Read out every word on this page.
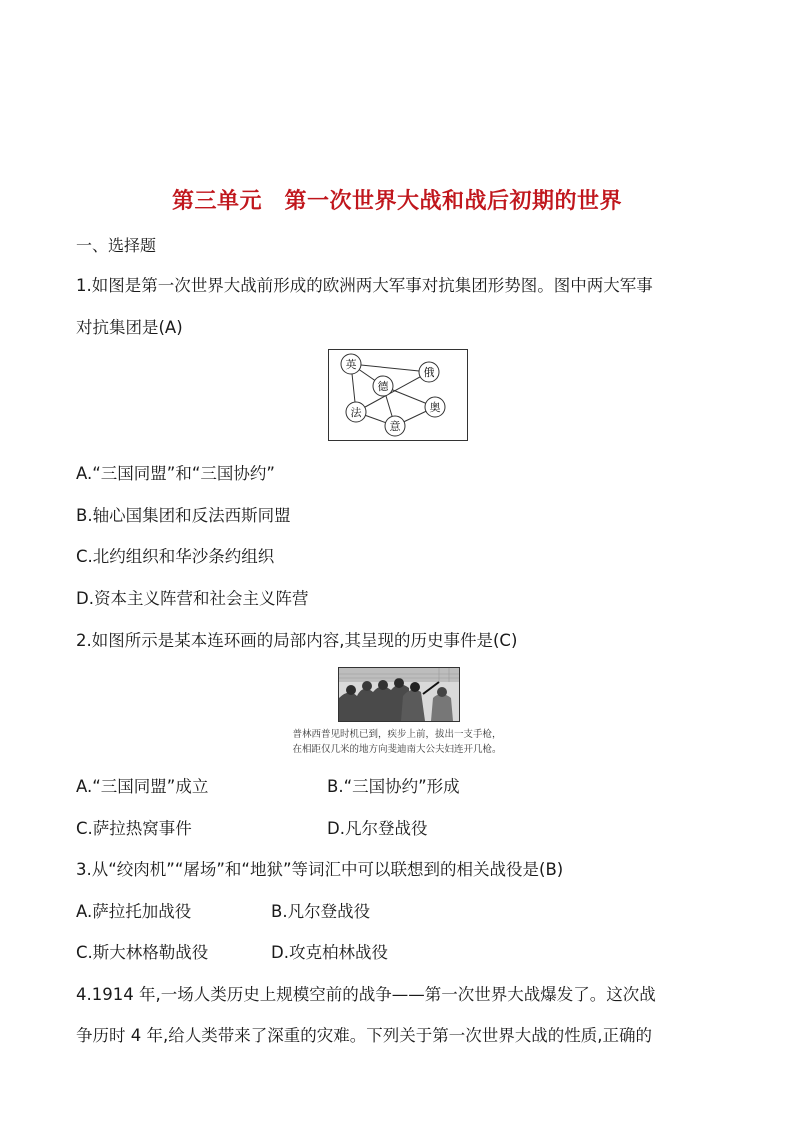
第三单元　第一次世界大战和战后初期的世界
一、选择题
1.如图是第一次世界大战前形成的欧洲两大军事对抗集团形势图。图中两大军事
对抗集团是(A)
英
俄
德
奥
法
意
A.“三国同盟”和“三国协约”
B.轴心国集团和反法西斯同盟
C.北约组织和华沙条约组织
D.资本主义阵营和社会主义阵营
2.如图所示是某本连环画的局部内容,其呈现的历史事件是(C)
普林西普见时机已到，疾步上前，拔出一支手枪，
在相距仅几米的地方向斐迪南大公夫妇连开几枪。
A.“三国同盟”成立	B.“三国协约”形成
C.萨拉热窝事件	D.凡尔登战役
3.从“绞肉机”“屠场”和“地狱”等词汇中可以联想到的相关战役是(B)
A.萨拉托加战役	B.凡尔登战役
C.斯大林格勒战役	D.攻克柏林战役
4.1914 年,一场人类历史上规模空前的战争——第一次世界大战爆发了。这次战
争历时 4 年,给人类带来了深重的灾难。下列关于第一次世界大战的性质,正确的
